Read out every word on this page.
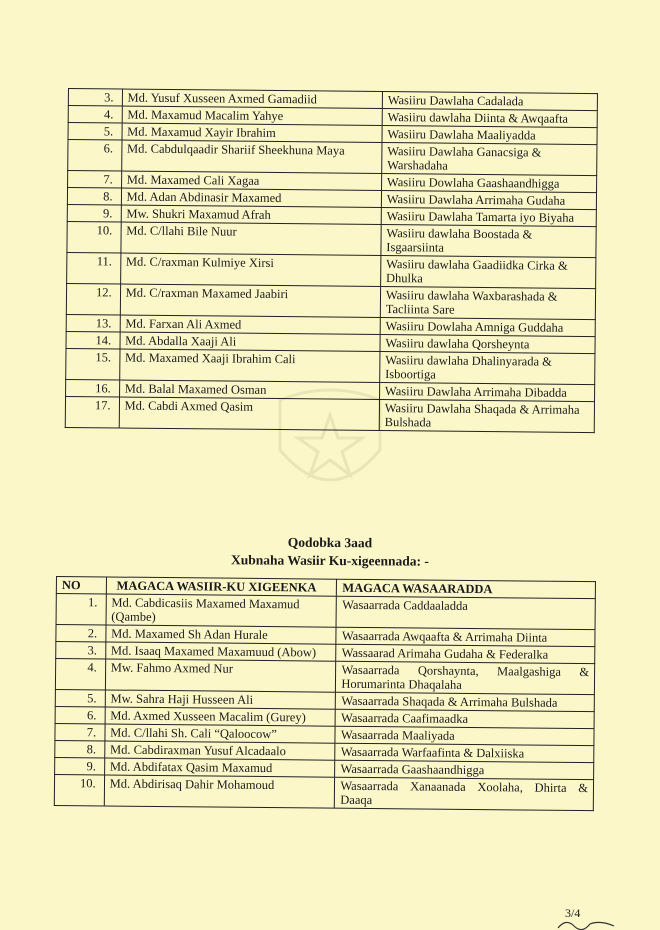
3.	Md. Yusuf Xusseen Axmed Gamadiid	Wasiiru Dawlaha Cadalada
4.	Md. Maxamud Macalim Yahye	Wasiiru dawlaha Diinta & Awqaafta
5.	Md. Maxamud Xayir Ibrahim	Wasiiru Dawlaha Maaliyadda
6.	Md. Cabdulqaadir Shariif Sheekhuna Maya	Wasiiru Dawlaha Ganacsiga & Warshadaha
7.	Md. Maxamed Cali Xagaa	Wasiiru Dowlaha Gaashaandhigga
8.	Md. Adan Abdinasir Maxamed	Wasiiru Dawlaha Arrimaha Gudaha
9.	Mw. Shukri Maxamud Afrah	Wasiiru Dawlaha Tamarta iyo Biyaha
10.	Md. C/llahi Bile Nuur	Wasiiru dawlaha Boostada & Isgaarsiinta
11.	Md. C/raxman Kulmiye Xirsi	Wasiiru dawlaha Gaadiidka Cirka & Dhulka
12.	Md. C/raxman Maxamed Jaabiri	Wasiiru dawlaha Waxbarashada & Tacliinta Sare
13.	Md. Farxan Ali Axmed	Wasiiru Dowlaha Amniga Guddaha
14.	Md. Abdalla Xaaji Ali	Wasiiru dawlaha Qorsheynta
15.	Md. Maxamed Xaaji Ibrahim Cali	Wasiiru dawlaha Dhalinyarada & Isboortiga
16.	Md. Balal Maxamed Osman	Wasiiru Dawlaha Arrimaha Dibadda
17.	Md. Cabdi Axmed Qasim	Wasiiru Dawlaha Shaqada & Arrimaha Bulshada
Qodobka 3aad
Xubnaha Wasiir Ku-xigeennada: -
NO	MAGACA WASIIR-KU XIGEENKA	MAGACA WASAARADDA
1.	Md. Cabdicasiis Maxamed Maxamud (Qambe)	Wasaarrada Caddaaladda
2.	Md. Maxamed Sh Adan Hurale	Wasaarrada Awqaafta & Arrimaha Diinta
3.	Md. Isaaq Maxamed Maxamuud (Abow)	Wassaarad Arimaha Gudaha & Federalka
4.	Mw. Fahmo Axmed Nur	Wasaarrada Qorshaynta, Maalgashiga & Horumarinta Dhaqalaha
5.	Mw. Sahra Haji Husseen Ali	Wasaarrada Shaqada & Arrimaha Bulshada
6.	Md. Axmed Xusseen Macalim (Gurey)	Wasaarrada Caafimaadka
7.	Md. C/llahi Sh. Cali “Qaloocow”	Wasaarrada Maaliyada
8.	Md. Cabdiraxman Yusuf Alcadaalo	Wasaarrada Warfaafinta & Dalxiiska
9.	Md. Abdifatax Qasim Maxamud	Wasaarrada Gaashaandhigga
10.	Md. Abdirisaq Dahir Mohamoud	Wasaarrada Xanaanada Xoolaha, Dhirta & Daaqa
3/4
